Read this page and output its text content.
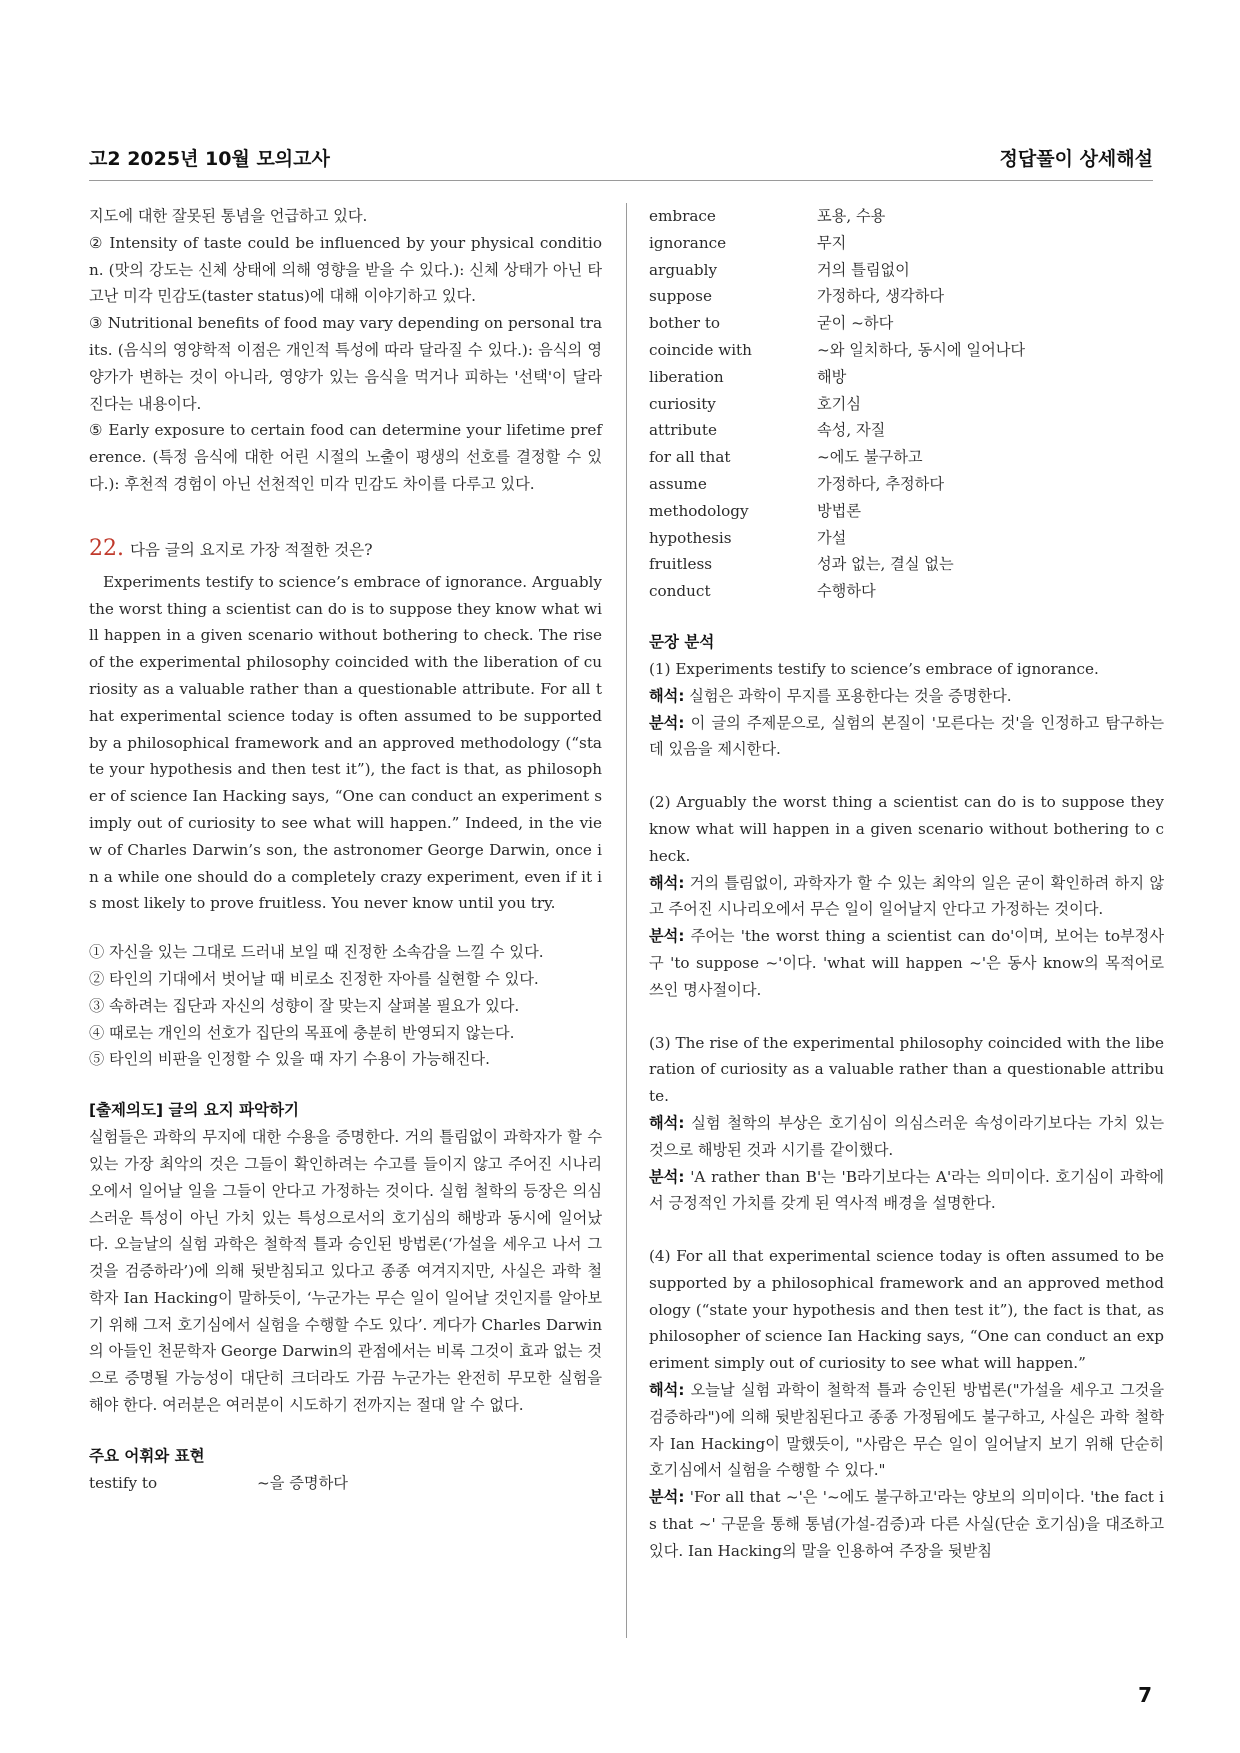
고2 2025년 10월 모의고사	정답풀이 상세해설

지도에 대한 잘못된 통념을 언급하고 있다.

② Intensity of taste could be influenced by your physical condition. (맛의 강도는 신체 상태에 의해 영향을 받을 수 있다.): 신체 상태가 아닌 타고난 미각 민감도(taster status)에 대해 이야기하고 있다.

③ Nutritional benefits of food may vary depending on personal traits. (음식의 영양학적 이점은 개인적 특성에 따라 달라질 수 있다.): 음식의 영양가가 변하는 것이 아니라, 영양가 있는 음식을 먹거나 피하는 '선택'이 달라진다는 내용이다.

⑤ Early exposure to certain food can determine your lifetime preference. (특정 음식에 대한 어린 시절의 노출이 평생의 선호를 결정할 수 있다.): 후천적 경험이 아닌 선천적인 미각 민감도 차이를 다루고 있다.

22. 다음 글의 요지로 가장 적절한 것은?

Experiments testify to science’s embrace of ignorance. Arguably the worst thing a scientist can do is to suppose they know what will happen in a given scenario without bothering to check. The rise of the experimental philosophy coincided with the liberation of curiosity as a valuable rather than a questionable attribute. For all that experimental science today is often assumed to be supported by a philosophical framework and an approved methodology (“state your hypothesis and then test it”), the fact is that, as philosopher of science Ian Hacking says, “One can conduct an experiment simply out of curiosity to see what will happen.” Indeed, in the view of Charles Darwin’s son, the astronomer George Darwin, once in a while one should do a completely crazy experiment, even if it is most likely to prove fruitless. You never know until you try.

① 자신을 있는 그대로 드러내 보일 때 진정한 소속감을 느낄 수 있다.

② 타인의 기대에서 벗어날 때 비로소 진정한 자아를 실현할 수 있다.

③ 속하려는 집단과 자신의 성향이 잘 맞는지 살펴볼 필요가 있다.

④ 때로는 개인의 선호가 집단의 목표에 충분히 반영되지 않는다.

⑤ 타인의 비판을 인정할 수 있을 때 자기 수용이 가능해진다.

[출제의도] 글의 요지 파악하기

실험들은 과학의 무지에 대한 수용을 증명한다. 거의 틀림없이 과학자가 할 수 있는 가장 최악의 것은 그들이 확인하려는 수고를 들이지 않고 주어진 시나리오에서 일어날 일을 그들이 안다고 가정하는 것이다. 실험 철학의 등장은 의심스러운 특성이 아닌 가치 있는 특성으로서의 호기심의 해방과 동시에 일어났다. 오늘날의 실험 과학은 철학적 틀과 승인된 방법론(‘가설을 세우고 나서 그것을 검증하라’)에 의해 뒷받침되고 있다고 종종 여겨지지만, 사실은 과학 철학자 Ian Hacking이 말하듯이, ‘누군가는 무슨 일이 일어날 것인지를 알아보기 위해 그저 호기심에서 실험을 수행할 수도 있다’. 게다가 Charles Darwin의 아들인 천문학자 George Darwin의 관점에서는 비록 그것이 효과 없는 것으로 증명될 가능성이 대단히 크더라도 가끔 누군가는 완전히 무모한 실험을 해야 한다. 여러분은 여러분이 시도하기 전까지는 절대 알 수 없다.

주요 어휘와 표현

testify to	~을 증명하다
embrace	포용, 수용
ignorance	무지
arguably	거의 틀림없이
suppose	가정하다, 생각하다
bother to	굳이 ~하다
coincide with	~와 일치하다, 동시에 일어나다
liberation	해방
curiosity	호기심
attribute	속성, 자질
for all that	~에도 불구하고
assume	가정하다, 추정하다
methodology	방법론
hypothesis	가설
fruitless	성과 없는, 결실 없는
conduct	수행하다

문장 분석

(1) Experiments testify to science’s embrace of ignorance.

해석: 실험은 과학이 무지를 포용한다는 것을 증명한다.

분석: 이 글의 주제문으로, 실험의 본질이 '모른다는 것'을 인정하고 탐구하는 데 있음을 제시한다.

(2) Arguably the worst thing a scientist can do is to suppose they know what will happen in a given scenario without bothering to check.

해석: 거의 틀림없이, 과학자가 할 수 있는 최악의 일은 굳이 확인하려 하지 않고 주어진 시나리오에서 무슨 일이 일어날지 안다고 가정하는 것이다.

분석: 주어는 'the worst thing a scientist can do'이며, 보어는 to부정사구 'to suppose ~'이다. 'what will happen ~'은 동사 know의 목적어로 쓰인 명사절이다.

(3) The rise of the experimental philosophy coincided with the liberation of curiosity as a valuable rather than a questionable attribute.

해석: 실험 철학의 부상은 호기심이 의심스러운 속성이라기보다는 가치 있는 것으로 해방된 것과 시기를 같이했다.

분석: 'A rather than B'는 'B라기보다는 A'라는 의미이다. 호기심이 과학에서 긍정적인 가치를 갖게 된 역사적 배경을 설명한다.

(4) For all that experimental science today is often assumed to be supported by a philosophical framework and an approved methodology (“state your hypothesis and then test it”), the fact is that, as philosopher of science Ian Hacking says, “One can conduct an experiment simply out of curiosity to see what will happen.”

해석: 오늘날 실험 과학이 철학적 틀과 승인된 방법론("가설을 세우고 그것을 검증하라")에 의해 뒷받침된다고 종종 가정됨에도 불구하고, 사실은 과학 철학자 Ian Hacking이 말했듯이, "사람은 무슨 일이 일어날지 보기 위해 단순히 호기심에서 실험을 수행할 수 있다."

분석: 'For all that ~'은 '~에도 불구하고'라는 양보의 의미이다. 'the fact is that ~' 구문을 통해 통념(가설-검증)과 다른 사실(단순 호기심)을 대조하고 있다. Ian Hacking의 말을 인용하여 주장을 뒷받침

7
